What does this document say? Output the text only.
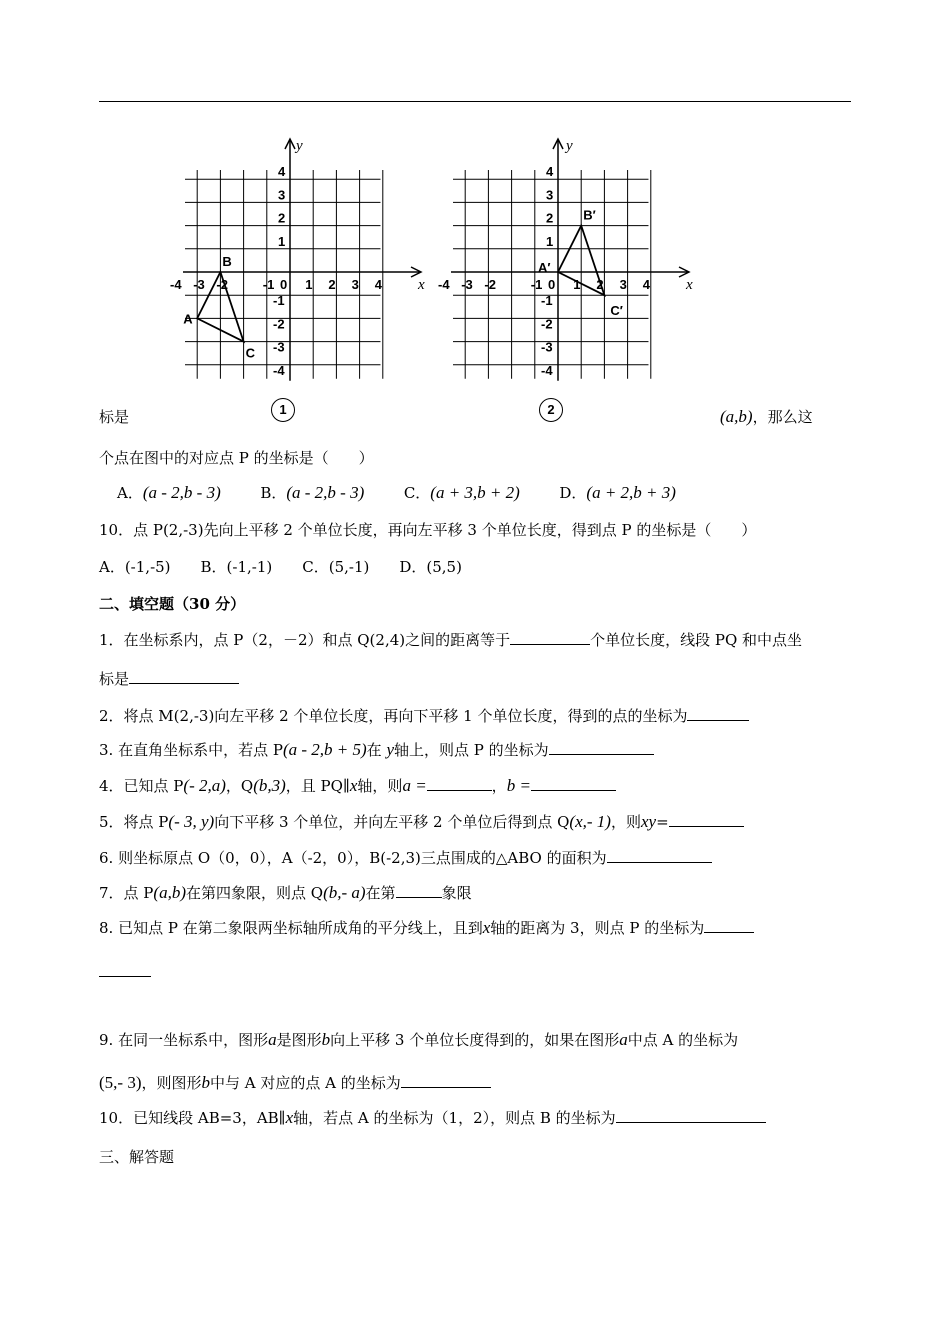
y
x
-4 -3 -2	-1 0 1 2 3 4
4
3
2
1
-1
-2
-3
-4
A
B
C
1
y
x
-4 -3 -2	-1 0 1 2 3 4
4
3
2
1
-1
-2
-3
-4
A′
B′
C′
2
标是	(a,b)，那么这
个点在图中的对应点 P 的坐标是（　　）
A．(a - 2,b - 3)	B．(a - 2,b - 3)	C．(a + 3,b + 2)	D．(a + 2,b + 3)
10．点 P(2,-3)先向上平移 2 个单位长度，再向左平移 3 个单位长度，得到点 P 的坐标是（　　）
A．(-1,-5)　　B．(-1,-1)　　C．(5,-1)　　D．(5,5)
二、填空题（30 分）
1．在坐标系内，点 P（2，－2）和点 Q(2,4)之间的距离等于	个单位长度，线段 PQ 和中点坐
标是
2．将点 M(2,-3)向左平移 2 个单位长度，再向下平移 1 个单位长度，得到的点的坐标为
3. 在直角坐标系中，若点 P(a - 2,b + 5)在 y轴上，则点 P 的坐标为
4．已知点 P(- 2,a)，Q(b,3)，且 PQ∥x轴，则a =	，b =
5．将点 P(- 3, y)向下平移 3 个单位，并向左平移 2 个单位后得到点 Q(x,- 1)，则xy=
6. 则坐标原点 O（0，0），A（-2，0），B(-2,3)三点围成的△ABO 的面积为
7．点 P(a,b)在第四象限，则点 Q(b,- a)在第	象限
8. 已知点 P 在第二象限两坐标轴所成角的平分线上，且到x轴的距离为 3，则点 P 的坐标为
9. 在同一坐标系中，图形a是图形b向上平移 3 个单位长度得到的，如果在图形a中点 A 的坐标为
(5,- 3)，则图形b中与 A 对应的点 A 的坐标为
10．已知线段 AB=3，AB∥x轴，若点 A 的坐标为（1，2），则点 B 的坐标为
三、解答题
